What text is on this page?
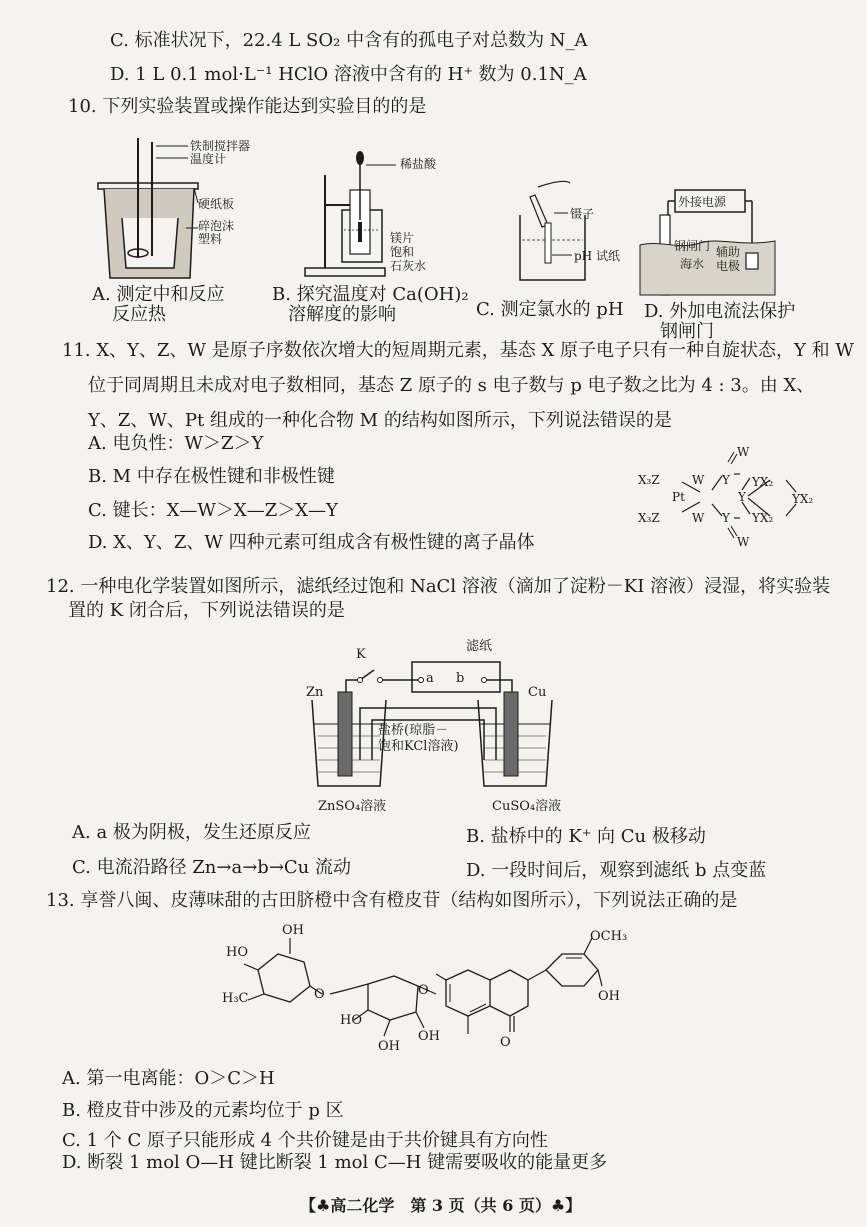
C. 标准状况下，22.4 L SO₂ 中含有的孤电子对总数为 N_A
D. 1 L 0.1 mol·L⁻¹ HClO 溶液中含有的 H⁺ 数为 0.1N_A
10. 下列实验装置或操作能达到实验目的的是
铁制搅拌器
温度计
硬纸板
碎泡沫
塑料
A. 测定中和反应
反应热
稀盐酸
镁片
饱和
石灰水
B. 探究温度对 Ca(OH)₂
溶解度的影响
镊子
pH 试纸
C. 测定氯水的 pH
外接电源
钢闸门
海水
辅助
电极
D. 外加电流法保护
钢闸门
11. X、Y、Z、W 是原子序数依次增大的短周期元素，基态 X 原子电子只有一种自旋状态，Y 和 W
位于同周期且未成对电子数相同，基态 Z 原子的 s 电子数与 p 电子数之比为 4 : 3。由 X、
Y、Z、W、Pt 组成的一种化合物 M 的结构如图所示，下列说法错误的是
A. 电负性：W＞Z＞Y
B. M 中存在极性键和非极性键
C. 键长：X—W＞X—Z＞X—Y
D. X、Y、Z、W 四种元素可组成含有极性键的离子晶体
W
X₃Z	W Y YX₂
Pt	Y	YX₂
X₃Z	W Y YX₂
W
12. 一种电化学装置如图所示，滤纸经过饱和 NaCl 溶液（滴加了淀粉－KI 溶液）浸湿，将实验装
置的 K 闭合后，下列说法错误的是
滤纸
K
a b
Zn	Cu
盐桥(琼脂－
饱和KCl溶液)
ZnSO₄溶液	CuSO₄溶液
A. a 极为阴极，发生还原反应	B. 盐桥中的 K⁺ 向 Cu 极移动
C. 电流沿路径 Zn→a→b→Cu 流动	D. 一段时间后，观察到滤纸 b 点变蓝
13. 享誉八闽、皮薄味甜的古田脐橙中含有橙皮苷（结构如图所示），下列说法正确的是
OH
HO
H₃C	O
HO
OH
OH
O
O
OCH₃
OH
A. 第一电离能：O＞C＞H
B. 橙皮苷中涉及的元素均位于 p 区
C. 1 个 C 原子只能形成 4 个共价键是由于共价键具有方向性
D. 断裂 1 mol O—H 键比断裂 1 mol C—H 键需要吸收的能量更多
【♣高二化学　第 3 页（共 6 页）♣】
